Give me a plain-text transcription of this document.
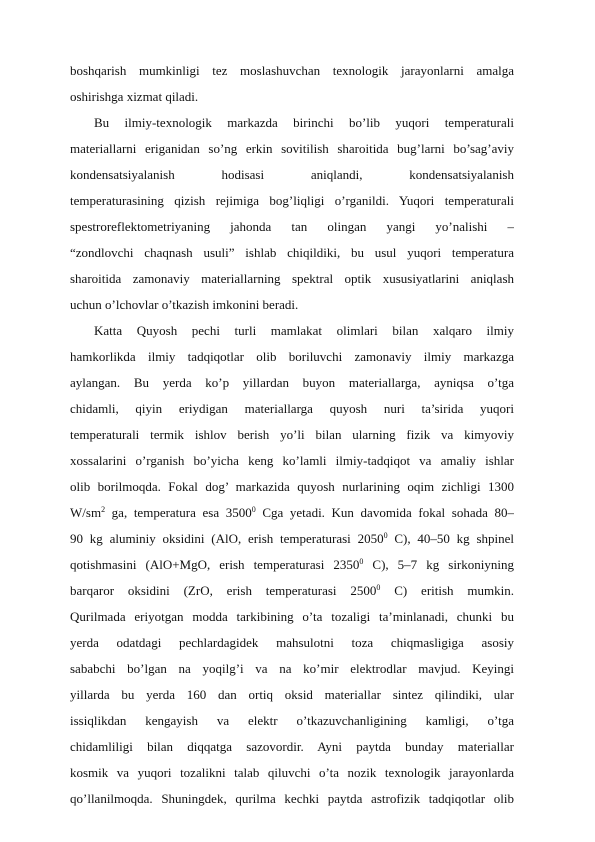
boshqarish mumkinligi tez moslashuvchan texnologik jarayonlarni amalga
oshirishga xizmat qiladi.
Bu ilmiy-texnologik markazda birinchi bo’lib yuqori temperaturali
materiallarni eriganidan so’ng erkin sovitilish sharoitida bug’larni bo’sag’aviy
kondensatsiyalanish hodisasi aniqlandi, kondensatsiyalanish
temperaturasining qizish rejimiga bog’liqligi o’rganildi. Yuqori temperaturali
spestroreflektometriyaning jahonda tan olingan yangi yo’nalishi –
“zondlovchi chaqnash usuli” ishlab chiqildiki, bu usul yuqori temperatura
sharoitida zamonaviy materiallarning spektral optik xususiyatlarini aniqlash
uchun o’lchovlar o’tkazish imkonini beradi.
Katta Quyosh pechi turli mamlakat olimlari bilan xalqaro ilmiy
hamkorlikda ilmiy tadqiqotlar olib boriluvchi zamonaviy ilmiy markazga
aylangan. Bu yerda ko’p yillardan buyon materiallarga, ayniqsa o’tga
chidamli, qiyin eriydigan materiallarga quyosh nuri ta’sirida yuqori
temperaturali termik ishlov berish yo’li bilan ularning fizik va kimyoviy
xossalarini o’rganish bo’yicha keng ko’lamli ilmiy-tadqiqot va amaliy ishlar
olib borilmoqda. Fokal dog’ markazida quyosh nurlarining oqim zichligi 1300
$W/sm^2$ ga, temperatura esa 3500$^0$ Cga yetadi. Kun davomida fokal sohada 80–
90 kg aluminiy oksidini (AlO, erish temperaturasi 2050$^0$ C), 40–50 kg shpinel
qotishmasini (AlO+MgO, erish temperaturasi 2350$^0$ C), 5–7 kg sirkoniyning
barqaror oksidini (ZrO, erish temperaturasi 2500$^0$ C) eritish mumkin.
Qurilmada eriyotgan modda tarkibining o’ta tozaligi ta’minlanadi, chunki bu
yerda odatdagi pechlardagidek mahsulotni toza chiqmasligiga asosiy
sababchi bo’lgan na yoqilg’i va na ko’mir elektrodlar mavjud. Keyingi
yillarda bu yerda 160 dan ortiq oksid materiallar sintez qilindiki, ular
issiqlikdan kengayish va elektr o’tkazuvchanligining kamligi, o’tga
chidamliligi bilan diqqatga sazovordir. Ayni paytda bunday materiallar
kosmik va yuqori tozalikni talab qiluvchi o’ta nozik texnologik jarayonlarda
qo’llanilmoqda. Shuningdek, qurilma kechki paytda astrofizik tadqiqotlar olib
